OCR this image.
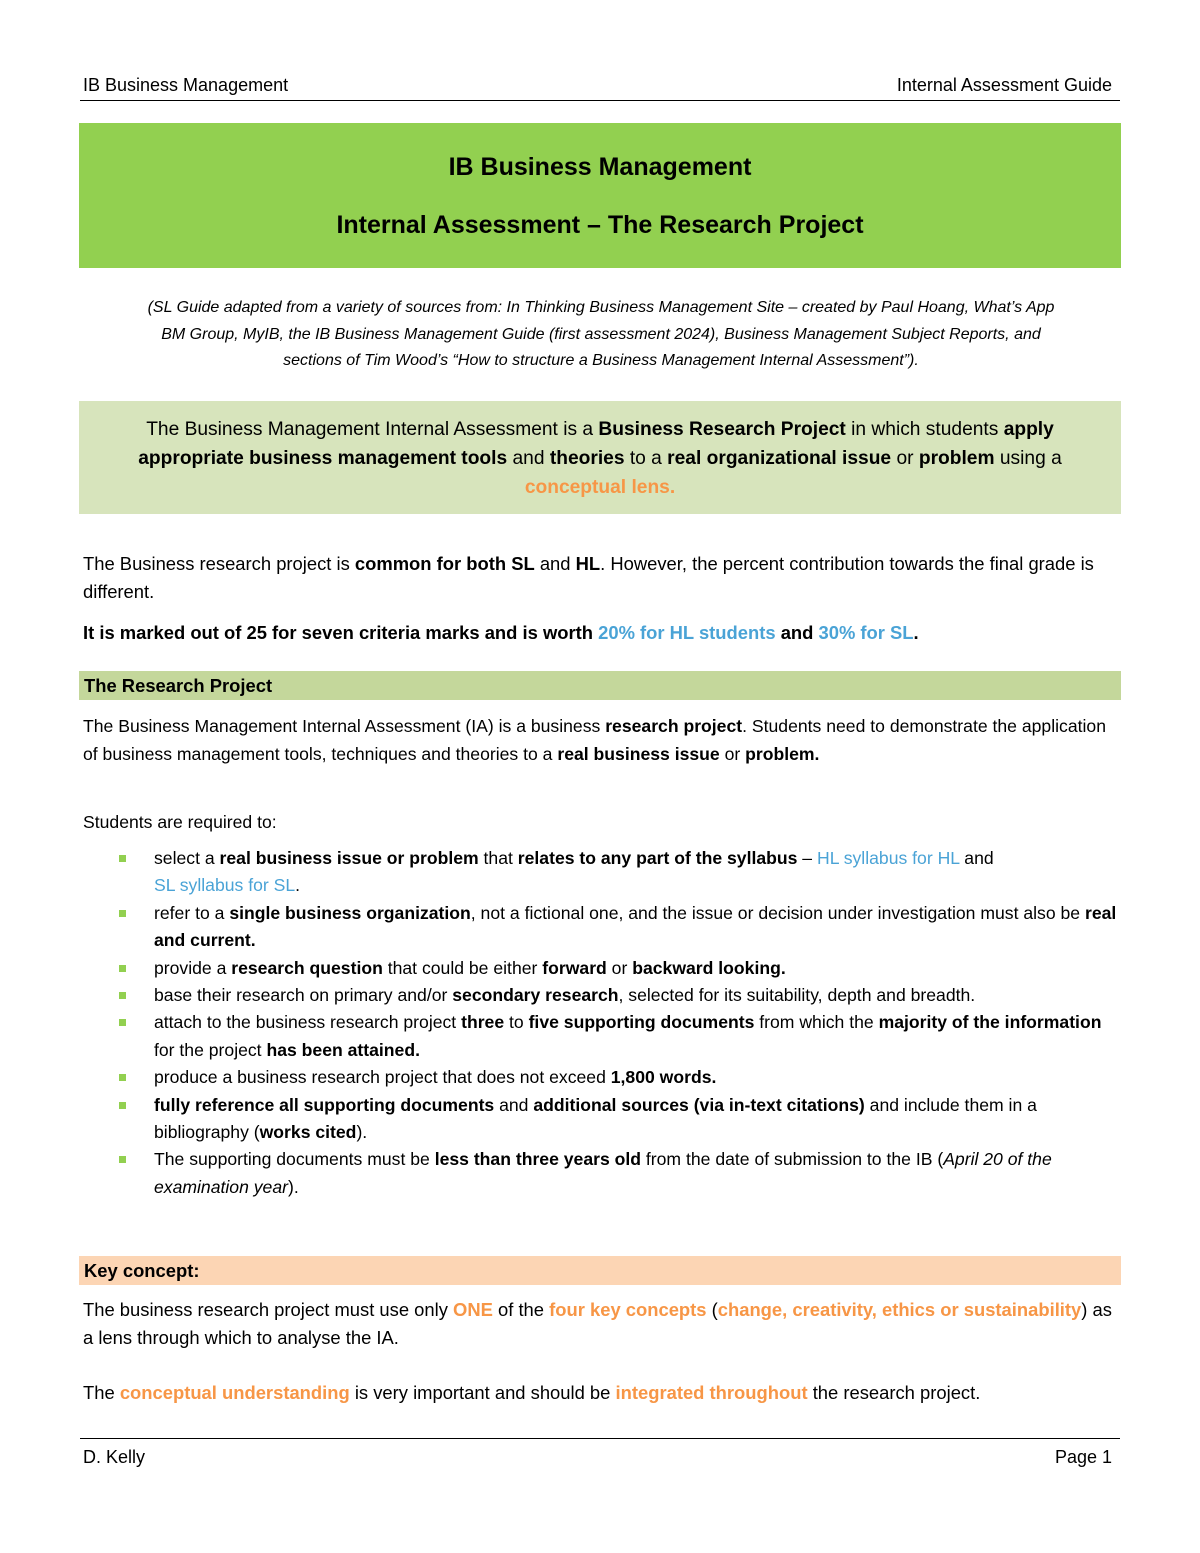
IB Business Management	Internal Assessment Guide
IB Business Management
Internal Assessment – The Research Project
(SL Guide adapted from a variety of sources from: In Thinking Business Management Site – created by Paul Hoang, What’s App
BM Group, MyIB, the IB Business Management Guide (first assessment 2024), Business Management Subject Reports, and
sections of Tim Wood’s “How to structure a Business Management Internal Assessment”).
The Business Management Internal Assessment is a Business Research Project in which students apply appropriate business management tools and theories to a real organizational issue or problem using a
conceptual lens.
The Business research project is common for both SL and HL. However, the percent contribution towards the final grade is different.
It is marked out of 25 for seven criteria marks and is worth 20% for HL students and 30% for SL.
The Research Project
The Business Management Internal Assessment (IA) is a business research project. Students need to demonstrate the application of business management tools, techniques and theories to a real business issue or problem.
Students are required to:
select a real business issue or problem that relates to any part of the syllabus – HL syllabus for HL and
SL syllabus for SL.
refer to a single business organization, not a fictional one, and the issue or decision under investigation must also be real and current.
provide a research question that could be either forward or backward looking.
base their research on primary and/or secondary research, selected for its suitability, depth and breadth.
attach to the business research project three to five supporting documents from which the majority of the information for the project has been attained.
produce a business research project that does not exceed 1,800 words.
fully reference all supporting documents and additional sources (via in-text citations) and include them in a bibliography (works cited).
The supporting documents must be less than three years old from the date of submission to the IB (April 20 of the examination year).
Key concept:
The business research project must use only ONE of the four key concepts (change, creativity, ethics or sustainability) as a lens through which to analyse the IA.
The conceptual understanding is very important and should be integrated throughout the research project.
D. Kelly	Page 1
